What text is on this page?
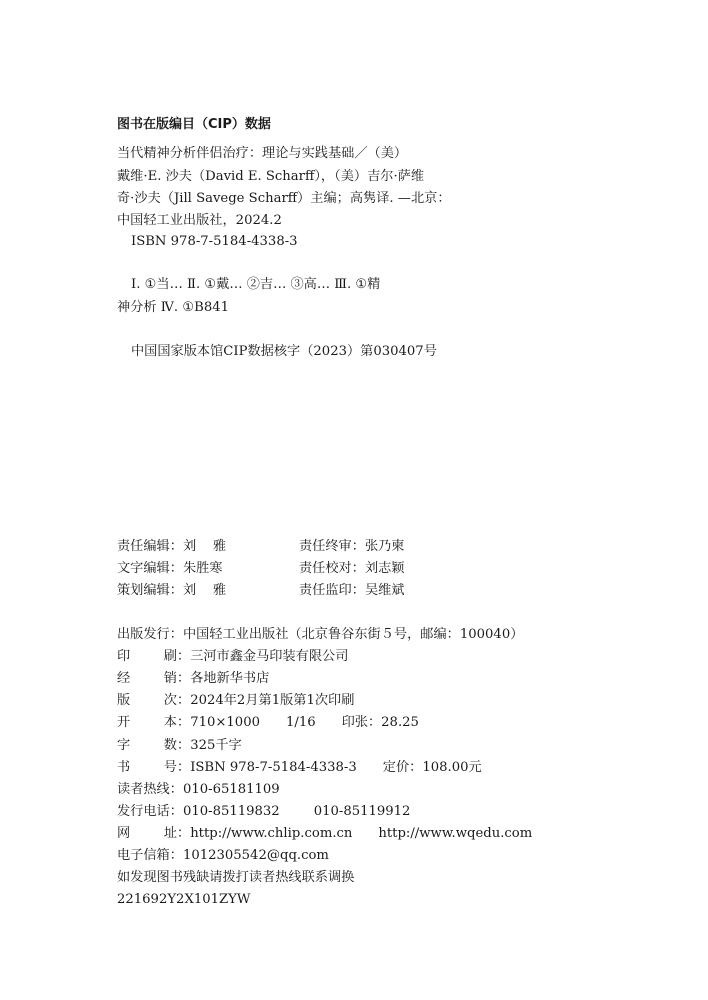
图书在版编目（CIP）数据
当代精神分析伴侣治疗：理论与实践基础／（美）
戴维·E. 沙夫（David E. Scharff），（美）吉尔·萨维
奇·沙夫（Jill Savege Scharff）主编；高隽译. —北京：
中国轻工业出版社，2024.2
ISBN 978-7-5184-4338-3
Ⅰ. ①当… Ⅱ. ①戴… ②吉… ③高… Ⅲ. ①精
神分析 Ⅳ. ①B841
中国国家版本馆CIP数据核字（2023）第030407号
责任编辑：刘    雅	责任终审：张乃柬
文字编辑：朱胜寒	责任校对：刘志颖
策划编辑：刘    雅	责任监印：吴维斌
出版发行：中国轻工业出版社（北京鲁谷东街５号，邮编：100040）
印刷：三河市鑫金马印装有限公司
经销：各地新华书店
版次：2024年2月第1版第1次印刷
开本：710×1000 1/16 印张：28.25
字数：325千字
书号：ISBN 978-7-5184-4338-3 定价：108.00元
读者热线：010-65181109
发行电话：010-85119832	010-85119912
网址：http://www.chlip.com.cn http://www.wqedu.com
电子信箱：1012305542@qq.com
如发现图书残缺请拨打读者热线联系调换
221692Y2X101ZYW
